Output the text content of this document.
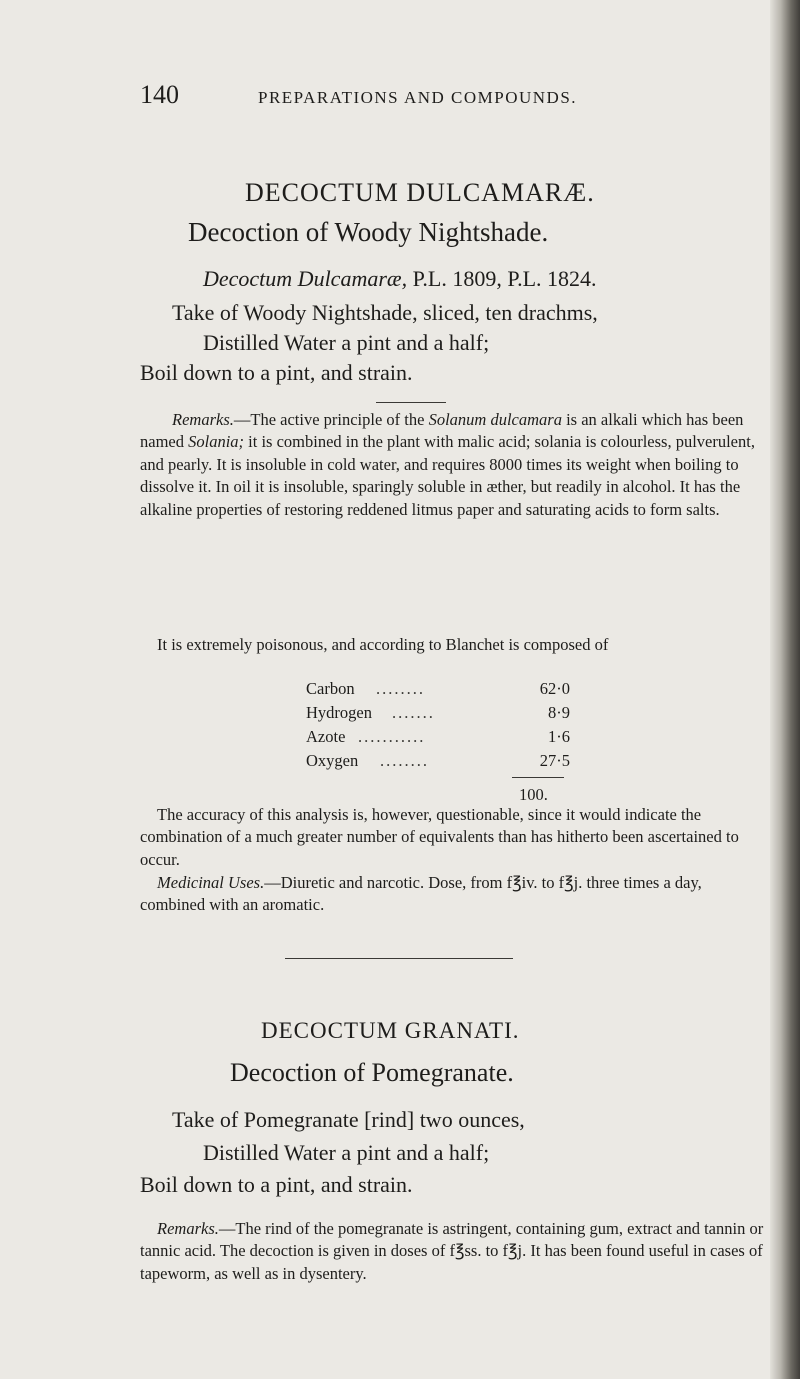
140	PREPARATIONS AND COMPOUNDS.
DECOCTUM DULCAMARÆ.
Decoction of Woody Nightshade.
Decoctum Dulcamaræ, P.L. 1809, P.L. 1824.
Take of Woody Nightshade, sliced, ten drachms,
Distilled Water a pint and a half;
Boil down to a pint, and strain.
Remarks.—The active principle of the Solanum dulcamara is an alkali which has been named Solania; it is combined in the plant with malic acid; solania is colourless, pulverulent, and pearly. It is insoluble in cold water, and requires 8000 times its weight when boiling to dissolve it. In oil it is insoluble, sparingly soluble in æther, but readily in alcohol. It has the alkaline properties of restoring reddened litmus paper and saturating acids to form salts.
It is extremely poisonous, and according to Blanchet is composed of
Carbon ........	62·0
Hydrogen .......	8·9
Azote ...........	1·6
Oxygen ........	27·5
100.
The accuracy of this analysis is, however, questionable, since it would indicate the combination of a much greater number of equivalents than has hitherto been ascertained to occur.
Medicinal Uses.—Diuretic and narcotic. Dose, from f℥iv. to f℥j. three times a day, combined with an aromatic.
DECOCTUM GRANATI.
Decoction of Pomegranate.
Take of Pomegranate [rind] two ounces,
Distilled Water a pint and a half;
Boil down to a pint, and strain.
Remarks.—The rind of the pomegranate is astringent, containing gum, extract and tannin or tannic acid. The decoction is given in doses of f℥ss. to f℥j. It has been found useful in cases of tapeworm, as well as in dysentery.
